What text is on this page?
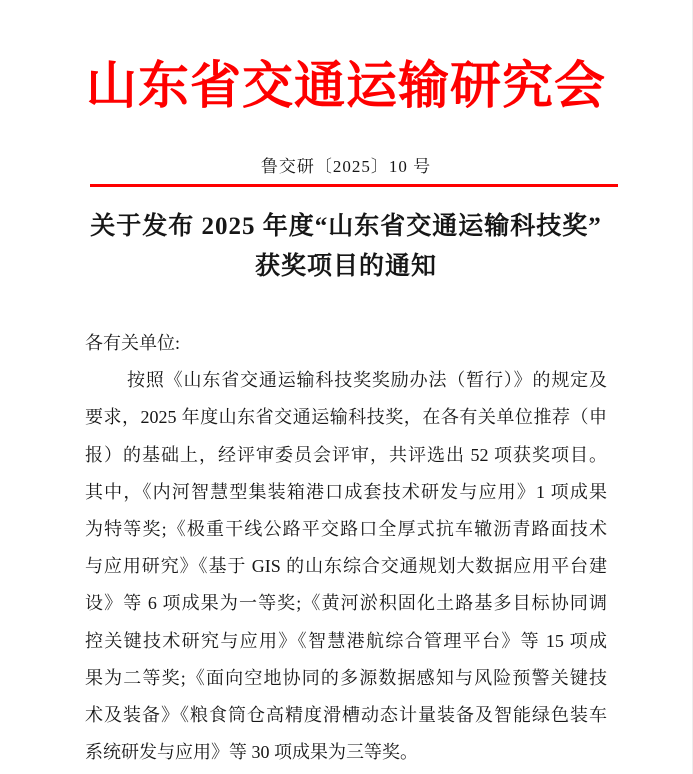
山东省交通运输研究会
鲁交研〔2025〕10 号
关于发布 2025 年度“山东省交通运输科技奖”
获奖项目的通知
各有关单位:
按照《山东省交通运输科技奖奖励办法（暂行）》的规定及
要求，2025 年度山东省交通运输科技奖，在各有关单位推荐（申
报）的基础上，经评审委员会评审，共评选出 52 项获奖项目。
其中，《内河智慧型集装箱港口成套技术研发与应用》1 项成果
为特等奖;《极重干线公路平交路口全厚式抗车辙沥青路面技术
与应用研究》《基于 GIS 的山东综合交通规划大数据应用平台建
设》等 6 项成果为一等奖;《黄河淤积固化土路基多目标协同调
控关键技术研究与应用》《智慧港航综合管理平台》等 15 项成
果为二等奖;《面向空地协同的多源数据感知与风险预警关键技
术及装备》《粮食筒仓高精度滑槽动态计量装备及智能绿色装车
系统研发与应用》等 30 项成果为三等奖。
